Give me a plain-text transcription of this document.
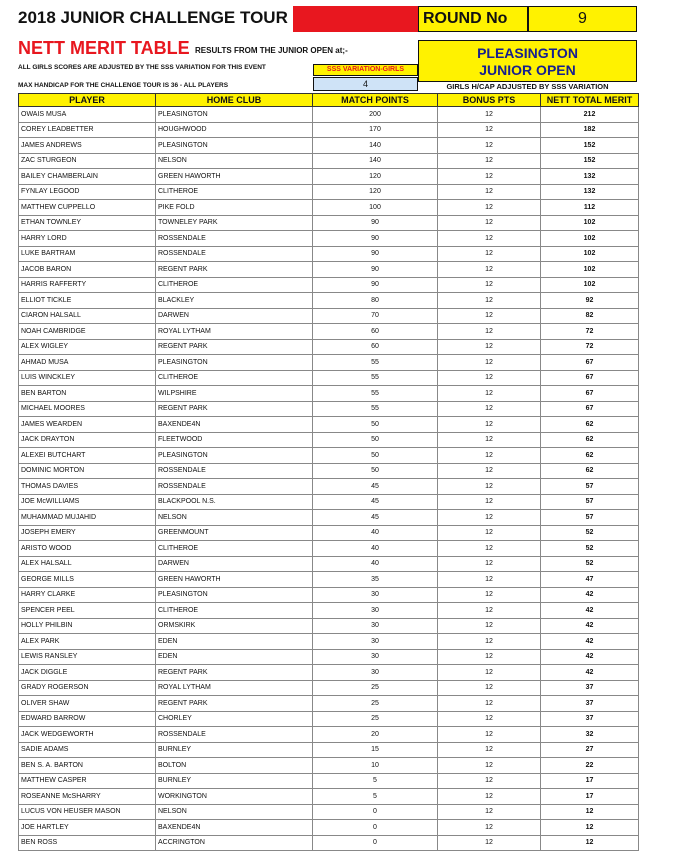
2018 JUNIOR CHALLENGE TOUR	ROUND No	9
NETT MERIT TABLE RESULTS FROM THE JUNIOR OPEN at;-
ALL GIRLS SCORES ARE ADJUSTED BY THE SSS VARIATION FOR THIS EVENT
MAX HANDICAP FOR THE CHALLENGE TOUR IS 36 - ALL PLAYERS
SSS VARIATION-GIRLS
4
PLEASINGTON
JUNIOR OPEN
GIRLS H/CAP ADJUSTED BY SSS VARIATION
PLAYER	HOME CLUB	MATCH POINTS	BONUS PTS	NETT TOTAL MERIT
OWAIS MUSA	PLEASINGTON	200	12	212
COREY LEADBETTER	HOUGHWOOD	170	12	182
JAMES ANDREWS	PLEASINGTON	140	12	152
ZAC STURGEON	NELSON	140	12	152
BAILEY CHAMBERLAIN	GREEN HAWORTH	120	12	132
FYNLAY LEGOOD	CLITHEROE	120	12	132
MATTHEW CUPPELLO	PIKE FOLD	100	12	112
ETHAN TOWNLEY	TOWNELEY PARK	90	12	102
HARRY LORD	ROSSENDALE	90	12	102
LUKE BARTRAM	ROSSENDALE	90	12	102
JACOB BARON	REGENT PARK	90	12	102
HARRIS RAFFERTY	CLITHEROE	90	12	102
ELLIOT TICKLE	BLACKLEY	80	12	92
CIARON HALSALL	DARWEN	70	12	82
NOAH CAMBRIDGE	ROYAL LYTHAM	60	12	72
ALEX WIGLEY	REGENT PARK	60	12	72
AHMAD MUSA	PLEASINGTON	55	12	67
LUIS WINCKLEY	CLITHEROE	55	12	67
BEN BARTON	WILPSHIRE	55	12	67
MICHAEL MOORES	REGENT PARK	55	12	67
JAMES WEARDEN	BAXENDE4N	50	12	62
JACK DRAYTON	FLEETWOOD	50	12	62
ALEXEI BUTCHART	PLEASINGTON	50	12	62
DOMINIC MORTON	ROSSENDALE	50	12	62
THOMAS DAVIES	ROSSENDALE	45	12	57
JOE McWILLIAMS	BLACKPOOL N.S.	45	12	57
MUHAMMAD MUJAHID	NELSON	45	12	57
JOSEPH EMERY	GREENMOUNT	40	12	52
ARISTO WOOD	CLITHEROE	40	12	52
ALEX HALSALL	DARWEN	40	12	52
GEORGE MILLS	GREEN HAWORTH	35	12	47
HARRY CLARKE	PLEASINGTON	30	12	42
SPENCER PEEL	CLITHEROE	30	12	42
HOLLY PHILBIN	ORMSKIRK	30	12	42
ALEX PARK	EDEN	30	12	42
LEWIS RANSLEY	EDEN	30	12	42
JACK DIGGLE	REGENT PARK	30	12	42
GRADY ROGERSON	ROYAL LYTHAM	25	12	37
OLIVER SHAW	REGENT PARK	25	12	37
EDWARD BARROW	CHORLEY	25	12	37
JACK WEDGEWORTH	ROSSENDALE	20	12	32
SADIE ADAMS	BURNLEY	15	12	27
BEN S. A. BARTON	BOLTON	10	12	22
MATTHEW CASPER	BURNLEY	5	12	17
ROSEANNE McSHARRY	WORKINGTON	5	12	17
LUCUS VON HEUSER MASON	NELSON	0	12	12
JOE HARTLEY	BAXENDE4N	0	12	12
BEN ROSS	ACCRINGTON	0	12	12
